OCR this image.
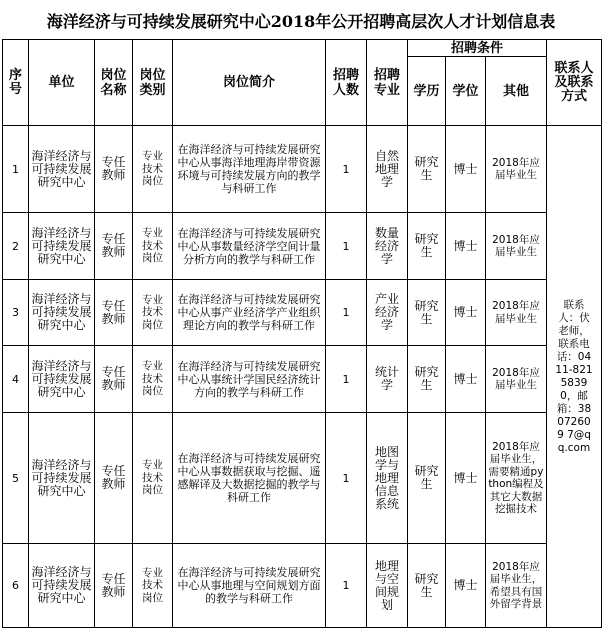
海洋经济与可持续发展研究中心2018年公开招聘高层次人才计划信息表
序号	单位	岗位名称	岗位类别	岗位简介	招聘人数	招聘专业	招聘条件			联系人及联系方式

							学历	学位	其他	

1	海洋经济与可持续发展研究中心	专任教师	专业技术岗位	在海洋经济与可持续发展研究中心从事海洋地理海岸带资源环境与可持续发展方向的教学与科研工作	1	自然地理学	研究生	博士	2018年应届毕业生	联系人：伏老师，联系电话：0411-82158390，邮箱：38072609 7@qq.com

2	海洋经济与可持续发展研究中心	专任教师	专业技术岗位	在海洋经济与可持续发展研究中心从事数量经济学空间计量分析方向的教学与科研工作	1	数量经济学	研究生	博士	2018年应届毕业生	

3	海洋经济与可持续发展研究中心	专任教师	专业技术岗位	在海洋经济与可持续发展研究中心从事产业经济学产业组织理论方向的教学与科研工作	1	产业经济学	研究生	博士	2018年应届毕业生	

4	海洋经济与可持续发展研究中心	专任教师	专业技术岗位	在海洋经济与可持续发展研究中心从事统计学国民经济统计方向的教学与科研工作	1	统计学	研究生	博士	2018年应届毕业生	

5	海洋经济与可持续发展研究中心	专任教师	专业技术岗位	在海洋经济与可持续发展研究中心从事数据获取与挖掘、遥感解译及大数据挖掘的教学与科研工作	1	地图学与地理信息系统	研究生	博士	2018年应届毕业生，需要精通python编程及其它大数据挖掘技术	

6	海洋经济与可持续发展研究中心	专任教师	专业技术岗位	在海洋经济与可持续发展研究中心从事地理与空间规划方面的教学与科研工作	1	地理与空间规划	研究生	博士	2018年应届毕业生，希望具有国外留学背景	
